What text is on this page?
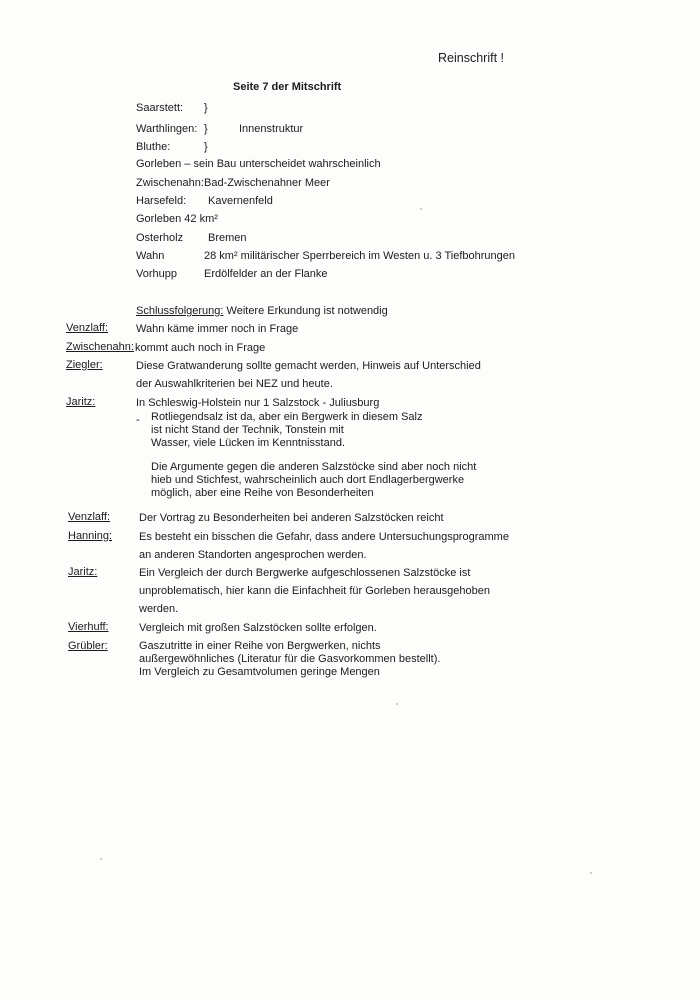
Reinschrift !
Seite 7 der Mitschrift
Saarstett: }
Warthlingen: }	Innenstruktur
Bluthe:	}
Gorleben – sein Bau unterscheidet wahrscheinlich
Zwischenahn: Bad-Zwischenahner Meer
Harsefeld: Kavernenfeld
Gorleben 42 km²
Osterholz Bremen
Wahn	28 km² militärischer Sperrbereich im Westen u. 3 Tiefbohrungen
Vorhupp Erdölfelder an der Flanke
Schlussfolgerung: Weitere Erkundung ist notwendig
Venzlaff:	Wahn käme immer noch in Frage
Zwischenahn: kommt auch noch in Frage
Ziegler:	Diese Gratwanderung sollte gemacht werden, Hinweis auf Unterschied
der Auswahlkriterien bei NEZ und heute.
Jaritz:	In Schleswig-Holstein nur 1 Salzstock - Juliusburg
- Rotliegendsalz ist da, aber ein Bergwerk in diesem Salz
ist nicht Stand der Technik, Tonstein mit
Wasser, viele Lücken im Kenntnisstand.
Die Argumente gegen die anderen Salzstöcke sind aber noch nicht
hieb und Stichfest, wahrscheinlich auch dort Endlagerbergwerke
möglich, aber eine Reihe von Besonderheiten
Venzlaff:	Der Vortrag zu Besonderheiten bei anderen Salzstöcken reicht
Hanning: Es besteht ein bisschen die Gefahr, dass andere Untersuchungsprogramme
an anderen Standorten angesprochen werden.
Jaritz:	Ein Vergleich der durch Bergwerke aufgeschlossenen Salzstöcke ist
unproblematisch, hier kann die Einfachheit für Gorleben herausgehoben
werden.
Vierhuff:	Vergleich mit großen Salzstöcken sollte erfolgen.
Grübler:	Gaszutritte in einer Reihe von Bergwerken, nichts
außergewöhnliches (Literatur für die Gasvorkommen bestellt).
Im Vergleich zu Gesamtvolumen geringe Mengen
